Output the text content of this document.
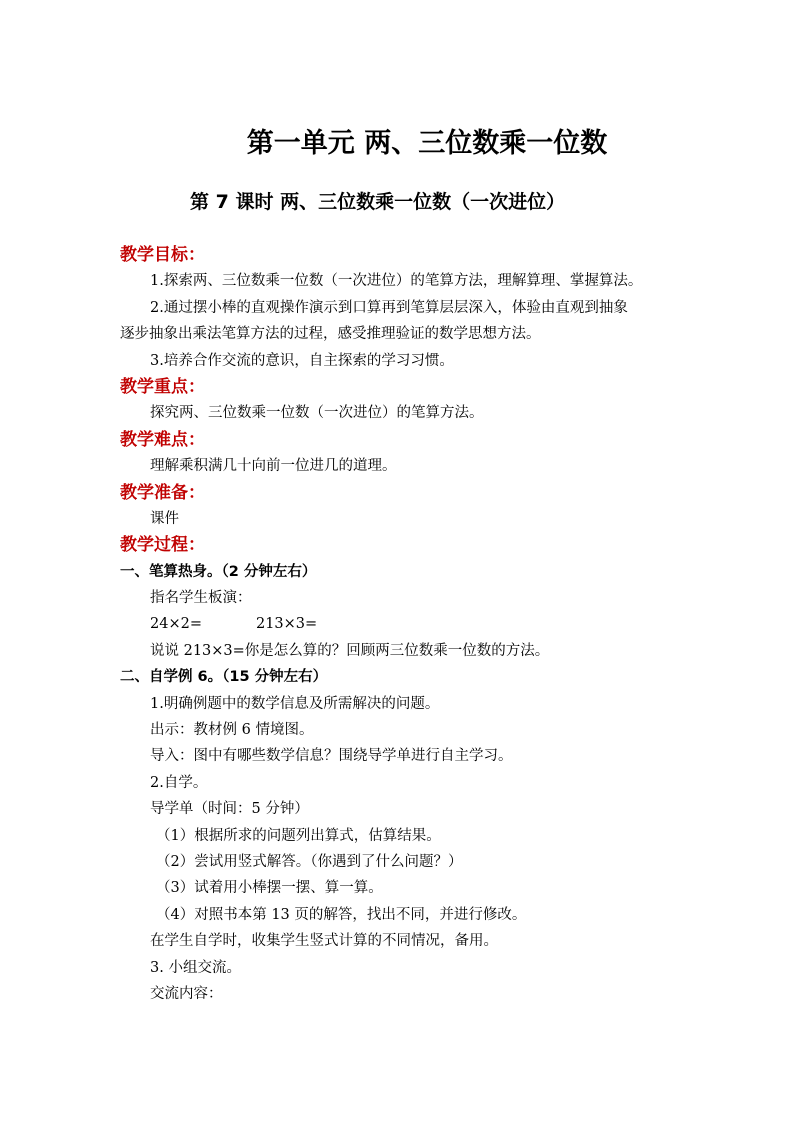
第一单元 两、三位数乘一位数
第 7 课时 两、三位数乘一位数（一次进位）
教学目标：
1.探索两、三位数乘一位数（一次进位）的笔算方法，理解算理、掌握算法。
2.通过摆小棒的直观操作演示到口算再到笔算层层深入，体验由直观到抽象
逐步抽象出乘法笔算方法的过程，感受推理验证的数学思想方法。
3.培养合作交流的意识，自主探索的学习习惯。
教学重点：
探究两、三位数乘一位数（一次进位）的笔算方法。
教学难点：
理解乘积满几十向前一位进几的道理。
教学准备：
课件
教学过程：
一、笔算热身。（2 分钟左右）
指名学生板演：
24×2=	213×3=
说说 213×3=你是怎么算的？回顾两三位数乘一位数的方法。
二、自学例 6。（15 分钟左右）
1.明确例题中的数学信息及所需解决的问题。
出示：教材例 6 情境图。
导入：图中有哪些数学信息？围绕导学单进行自主学习。
2.自学。
导学单（时间：5 分钟）
（1）根据所求的问题列出算式，估算结果。
（2）尝试用竖式解答。（你遇到了什么问题？）
（3）试着用小棒摆一摆、算一算。
（4）对照书本第 13 页的解答，找出不同，并进行修改。
在学生自学时，收集学生竖式计算的不同情况，备用。
3. 小组交流。
交流内容：
